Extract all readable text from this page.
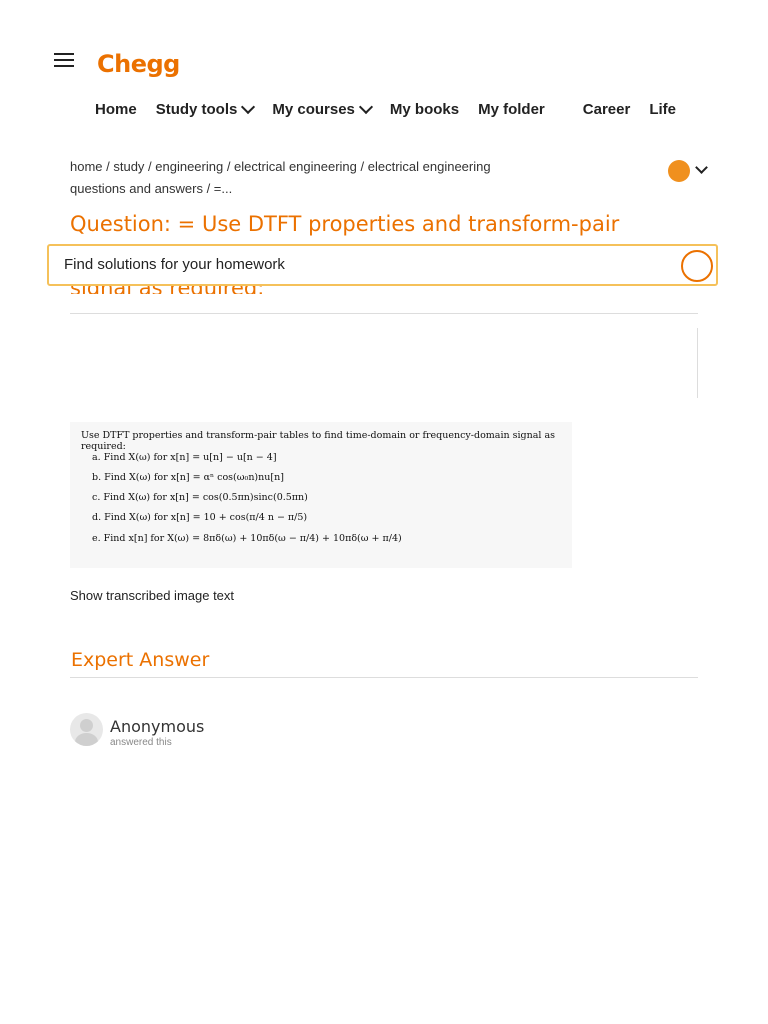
Chegg
Home Study tools My courses My books My folder	Career Life
home / study / engineering / electrical engineering / electrical engineering questions and answers / =...
Question: = Use DTFT properties and transform-pair
Find solutions for your homework
Use DTFT properties and transform-pair tables to find time-domain or frequency-domain signal as required:
a. Find X(ω) for x[n] = u[n] − u[n − 4]
b. Find X(ω) for x[n] = αⁿ cos(ω₀n)nu[n]
c. Find X(ω) for x[n] = cos(0.5πn)sinc(0.5πn)
d. Find X(ω) for x[n] = 10 + cos(π/4 n − π/5)
e. Find x[n] for X(ω) = 8πδ(ω) + 10πδ(ω − π/4) + 10πδ(ω + π/4)
Show transcribed image text
Expert Answer
Anonymous
answered this
